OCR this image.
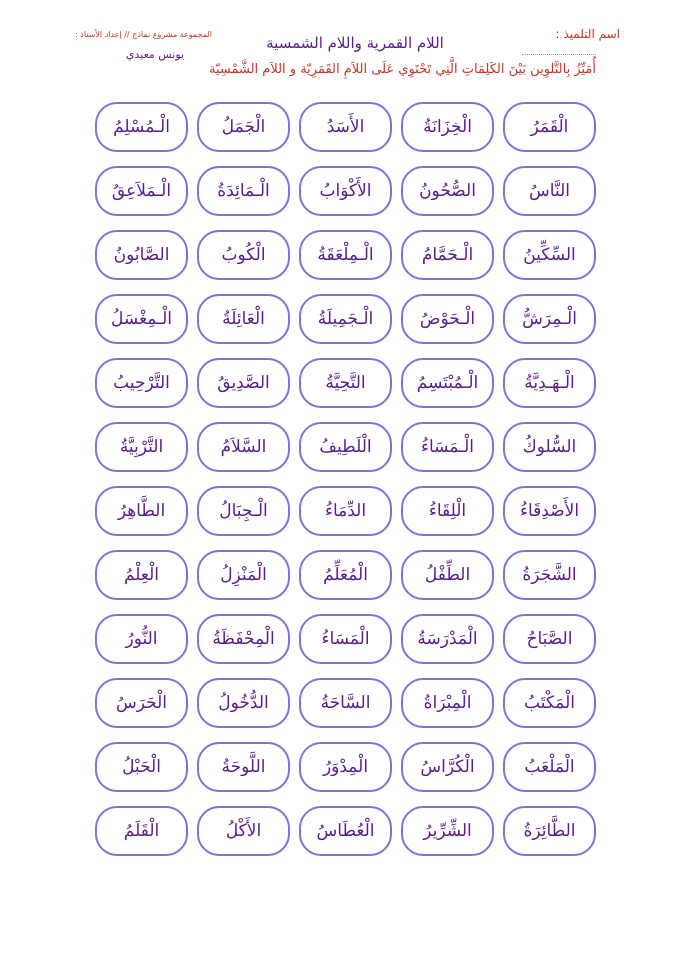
اسم التلميذ :
اللام القمرية واللام الشمسية
المجموعة مشروع نماذج // إعداد الأستاذ :
يونس معيدي
أُمَيِّزُ بِالتَّلوِين بَيْنَ الكَلِمَاتِ الَّتِي تَحْتَوِي عَلَى اللاَمِ القَمَرِيّة و اللاَم الشَّمْسِيّة
الْقَمَرُ
الْخِزَانَةُ
الأَسَدُ
الْجَمَلُ
الْـمُسْلِمُ
النَّاسُ
الصُّحُونُ
الأَكْوَابُ
الْـمَائِدَةُ
الْـمَلاَعِقُ
السِّكِّينُ
الْـحَمَّامُ
الْـمِلْعَقَةُ
الْكُوبُ
الصَّابُونُ
الْـمِرَشُّ
الْـحَوْضُ
الْـجَمِيلَةُ
الْعَائِلَةُ
الْـمِغْسَلُ
الْـهَـدِيَّةُ
الْـمُبْتَسِمُ
التَّحِيَّةُ
الصَّدِيقُ
التَّرْحِيبُ
السُّلوكُ
الْـمَسَاءُ
الْلَطِيفُ
السَّلاَمُ
التَّرْبِيَّةُ
الأَصْدِقَاءُ
الْلِقَاءُ
الدِّمَاءُ
الْـجِبَالُ
الطَّاهِرُ
الشَّجَرَةُ
الطِّفْلُ
الْمُعَلِّمُ
الْمَنْزِلُ
الْعِلْمُ
الصَّبَاحُ
الْمَدْرَسَةُ
الْمَسَاءُ
الْمِحْفَظَةُ
النُّورُ
الْمَكْتَبُ
الْمِبْرَاةُ
السَّاحَةُ
الدُّخُولُ
الْحَرَسُ
الْمَلْعَبُ
الْكُرَّاسُ
الْمِدْوَرُ
اللَّوحَةُ
الْحَبْلُ
الطَّائِرَةُ
الشِّرِّيرُ
الْعُطَاسُ
الأَكْلُ
الْقَلَمُ
